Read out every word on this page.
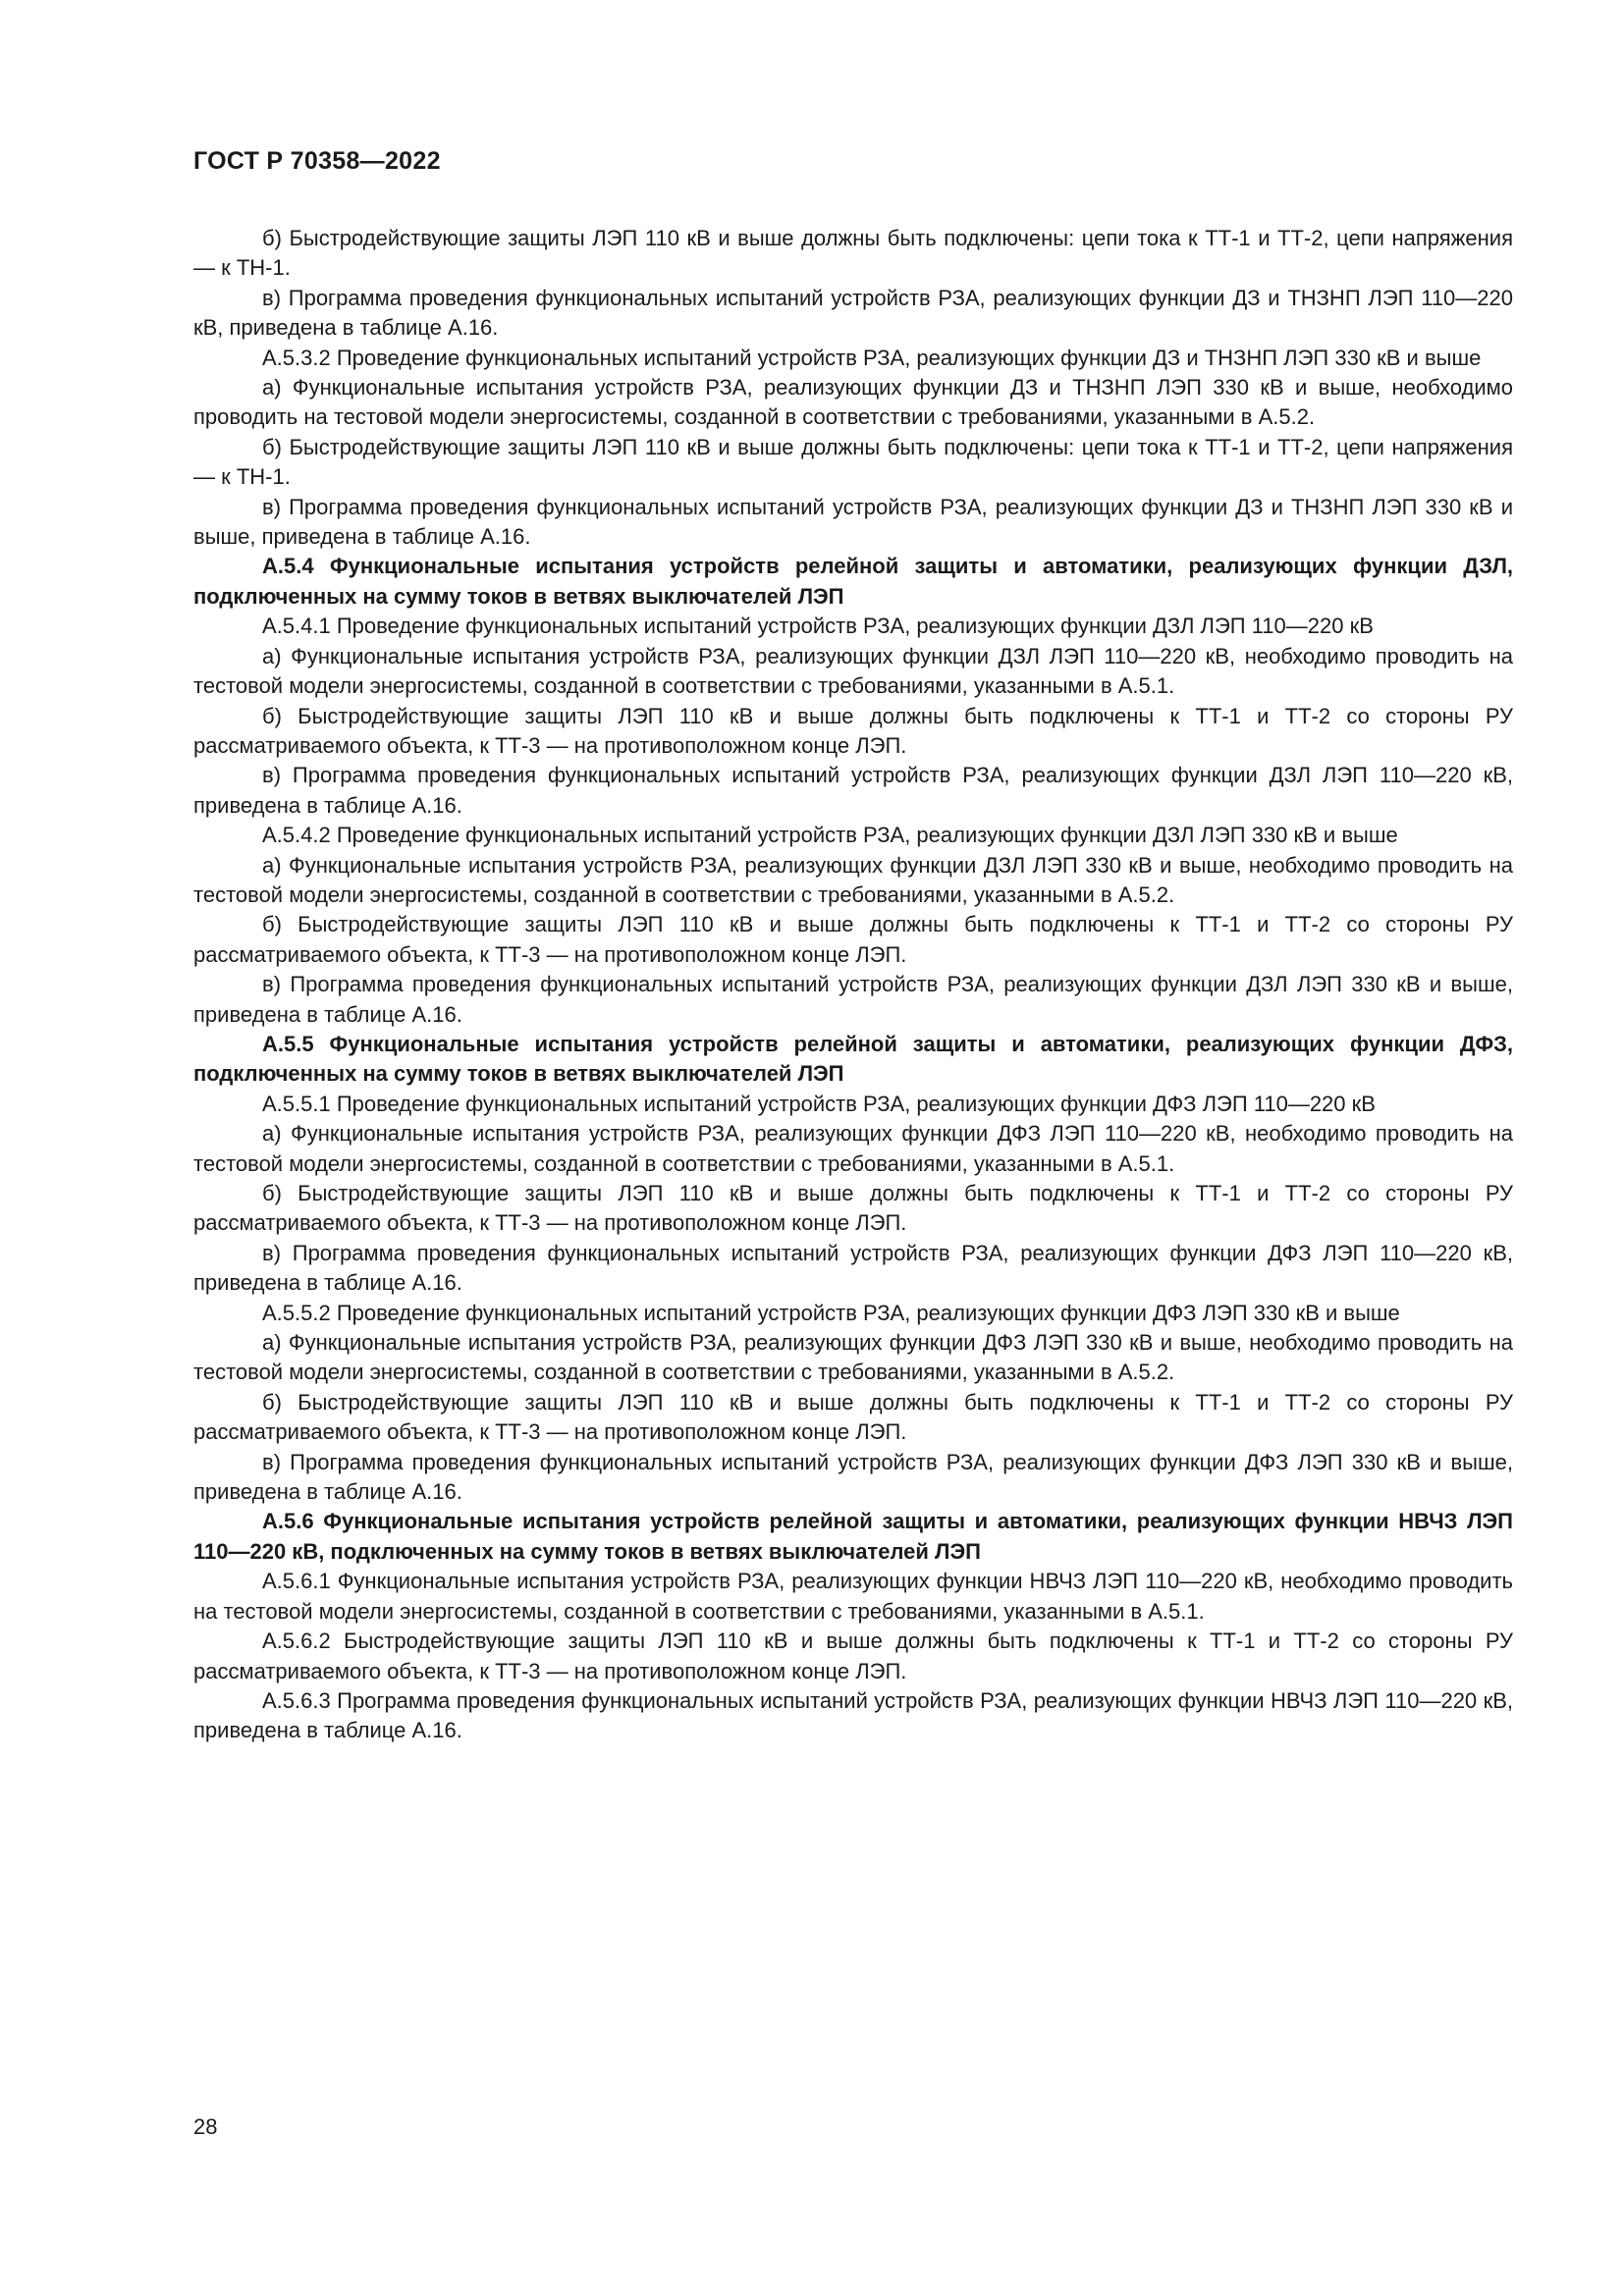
ГОСТ Р 70358—2022

б) Быстродействующие защиты ЛЭП 110 кВ и выше должны быть подключены: цепи тока к ТТ-1 и ТТ-2, цепи напряжения — к ТН-1.

в) Программа проведения функциональных испытаний устройств РЗА, реализующих функции ДЗ и ТНЗНП ЛЭП 110—220 кВ, приведена в таблице А.16.

А.5.3.2 Проведение функциональных испытаний устройств РЗА, реализующих функции ДЗ и ТНЗНП ЛЭП 330 кВ и выше

а) Функциональные испытания устройств РЗА, реализующих функции ДЗ и ТНЗНП ЛЭП 330 кВ и выше, необходимо проводить на тестовой модели энергосистемы, созданной в соответствии с требованиями, указанными в А.5.2.

б) Быстродействующие защиты ЛЭП 110 кВ и выше должны быть подключены: цепи тока к ТТ-1 и ТТ-2, цепи напряжения — к ТН-1.

в) Программа проведения функциональных испытаний устройств РЗА, реализующих функции ДЗ и ТНЗНП ЛЭП 330 кВ и выше, приведена в таблице А.16.

А.5.4 Функциональные испытания устройств релейной защиты и автоматики, реализующих функции ДЗЛ, подключенных на сумму токов в ветвях выключателей ЛЭП

А.5.4.1 Проведение функциональных испытаний устройств РЗА, реализующих функции ДЗЛ ЛЭП 110—220 кВ

а) Функциональные испытания устройств РЗА, реализующих функции ДЗЛ ЛЭП 110—220 кВ, необходимо проводить на тестовой модели энергосистемы, созданной в соответствии с требованиями, указанными в А.5.1.

б) Быстродействующие защиты ЛЭП 110 кВ и выше должны быть подключены к ТТ-1 и ТТ-2 со стороны РУ рассматриваемого объекта, к ТТ-3 — на противоположном конце ЛЭП.

в) Программа проведения функциональных испытаний устройств РЗА, реализующих функции ДЗЛ ЛЭП 110—220 кВ, приведена в таблице А.16.

А.5.4.2 Проведение функциональных испытаний устройств РЗА, реализующих функции ДЗЛ ЛЭП 330 кВ и выше

а) Функциональные испытания устройств РЗА, реализующих функции ДЗЛ ЛЭП 330 кВ и выше, необходимо проводить на тестовой модели энергосистемы, созданной в соответствии с требованиями, указанными в А.5.2.

б) Быстродействующие защиты ЛЭП 110 кВ и выше должны быть подключены к ТТ-1 и ТТ-2 со стороны РУ рассматриваемого объекта, к ТТ-3 — на противоположном конце ЛЭП.

в) Программа проведения функциональных испытаний устройств РЗА, реализующих функции ДЗЛ ЛЭП 330 кВ и выше, приведена в таблице А.16.

А.5.5 Функциональные испытания устройств релейной защиты и автоматики, реализующих функции ДФЗ, подключенных на сумму токов в ветвях выключателей ЛЭП

А.5.5.1 Проведение функциональных испытаний устройств РЗА, реализующих функции ДФЗ ЛЭП 110—220 кВ

а) Функциональные испытания устройств РЗА, реализующих функции ДФЗ ЛЭП 110—220 кВ, необходимо проводить на тестовой модели энергосистемы, созданной в соответствии с требованиями, указанными в А.5.1.

б) Быстродействующие защиты ЛЭП 110 кВ и выше должны быть подключены к ТТ-1 и ТТ-2 со стороны РУ рассматриваемого объекта, к ТТ-3 — на противоположном конце ЛЭП.

в) Программа проведения функциональных испытаний устройств РЗА, реализующих функции ДФЗ ЛЭП 110—220 кВ, приведена в таблице А.16.

А.5.5.2 Проведение функциональных испытаний устройств РЗА, реализующих функции ДФЗ ЛЭП 330 кВ и выше

а) Функциональные испытания устройств РЗА, реализующих функции ДФЗ ЛЭП 330 кВ и выше, необходимо проводить на тестовой модели энергосистемы, созданной в соответствии с требованиями, указанными в А.5.2.

б) Быстродействующие защиты ЛЭП 110 кВ и выше должны быть подключены к ТТ-1 и ТТ-2 со стороны РУ рассматриваемого объекта, к ТТ-3 — на противоположном конце ЛЭП.

в) Программа проведения функциональных испытаний устройств РЗА, реализующих функции ДФЗ ЛЭП 330 кВ и выше, приведена в таблице А.16.

А.5.6 Функциональные испытания устройств релейной защиты и автоматики, реализующих функции НВЧЗ ЛЭП 110—220 кВ, подключенных на сумму токов в ветвях выключателей ЛЭП

А.5.6.1 Функциональные испытания устройств РЗА, реализующих функции НВЧЗ ЛЭП 110—220 кВ, необходимо проводить на тестовой модели энергосистемы, созданной в соответствии с требованиями, указанными в А.5.1.

А.5.6.2 Быстродействующие защиты ЛЭП 110 кВ и выше должны быть подключены к ТТ-1 и ТТ-2 со стороны РУ рассматриваемого объекта, к ТТ-3 — на противоположном конце ЛЭП.

А.5.6.3 Программа проведения функциональных испытаний устройств РЗА, реализующих функции НВЧЗ ЛЭП 110—220 кВ, приведена в таблице А.16.

28
